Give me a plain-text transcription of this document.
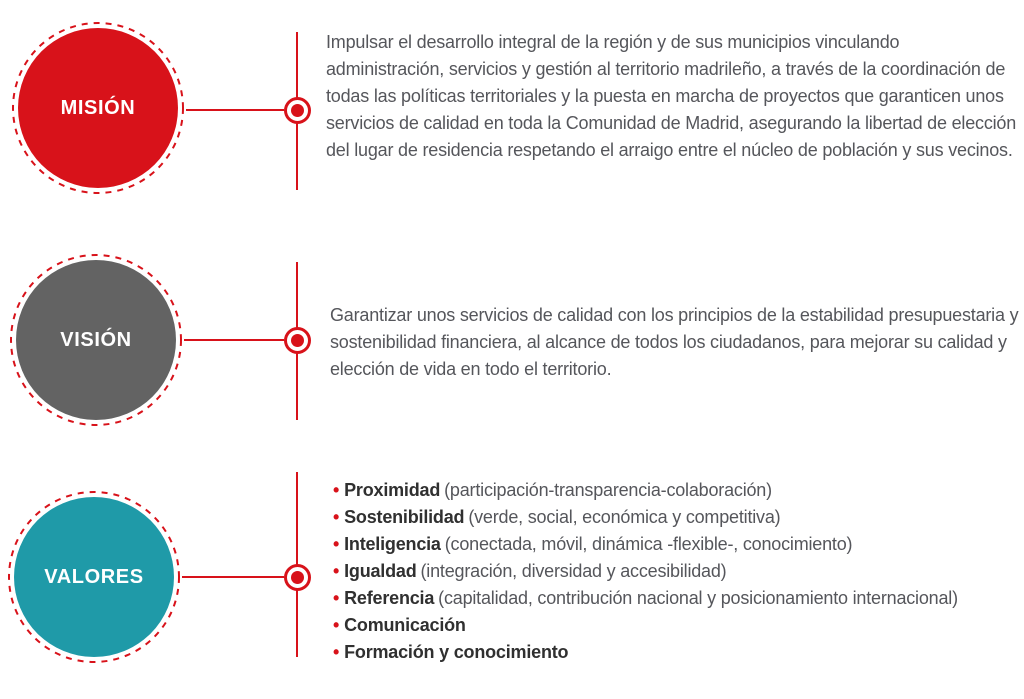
MISIÓN
Impulsar el desarrollo integral de la región y de sus municipios vinculando administración, servicios y gestión al territorio madrileño, a través de la coordinación de todas las políticas territoriales y la puesta en marcha de proyectos que garanticen unos servicios de calidad en toda la Comunidad de Madrid, asegurando la libertad de elección del lugar de residencia respetando el arraigo entre el núcleo de población y sus vecinos.
VISIÓN
Garantizar unos servicios de calidad con los principios de la estabilidad presupuestaria y sostenibilidad financiera, al alcance de todos los ciudadanos, para mejorar su calidad y elección de vida en todo el territorio.
VALORES
• Proximidad (participación-transparencia-colaboración)
• Sostenibilidad (verde, social, económica y competitiva)
• Inteligencia (conectada, móvil, dinámica -flexible-, conocimiento)
• Igualdad (integración, diversidad y accesibilidad)
• Referencia (capitalidad, contribución nacional y posicionamiento internacional)
• Comunicación
• Formación y conocimiento
